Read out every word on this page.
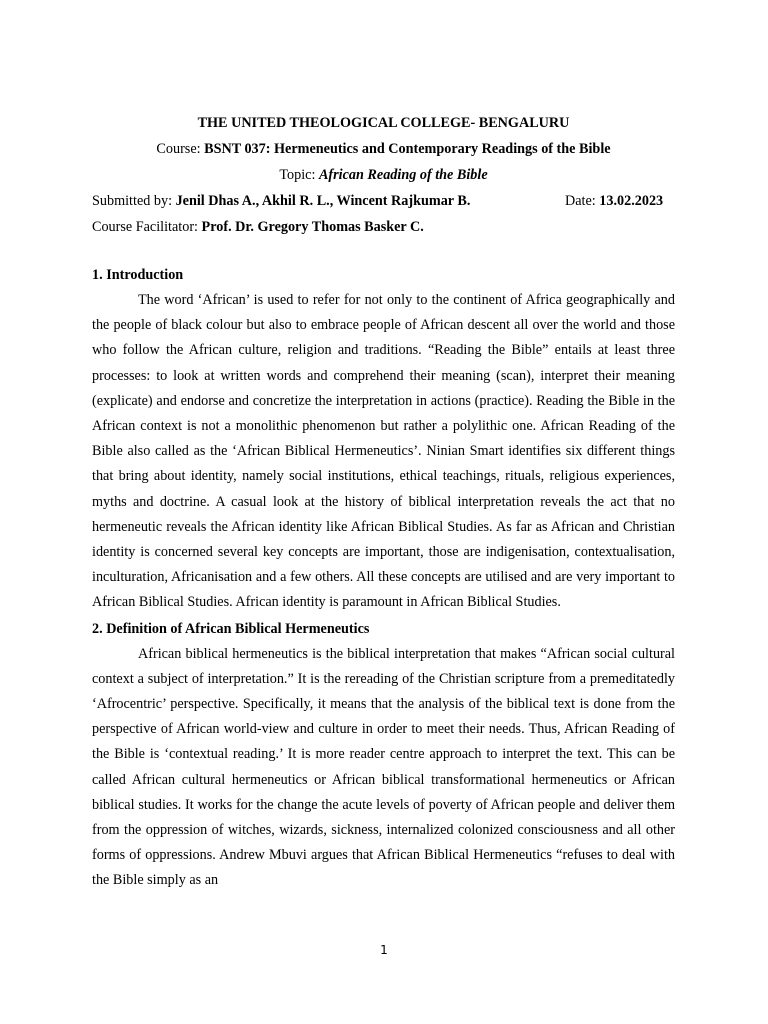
THE UNITED THEOLOGICAL COLLEGE- BENGALURU
Course: BSNT 037: Hermeneutics and Contemporary Readings of the Bible
Topic: African Reading of the Bible
Submitted by: Jenil Dhas A., Akhil R. L., Wincent Rajkumar B.	Date: 13.02.2023
Course Facilitator: Prof. Dr. Gregory Thomas Basker C.
1. Introduction

The word ‘African’ is used to refer for not only to the continent of Africa geographically and the people of black colour but also to embrace people of African descent all over the world and those who follow the African culture, religion and traditions. “Reading the Bible” entails at least three processes: to look at written words and comprehend their meaning (scan), interpret their meaning (explicate) and endorse and concretize the interpretation in actions (practice). Reading the Bible in the African context is not a monolithic phenomenon but rather a polylithic one. African Reading of the Bible also called as the ‘African Biblical Hermeneutics’. Ninian Smart identifies six different things that bring about identity, namely social institutions, ethical teachings, rituals, religious experiences, myths and doctrine. A casual look at the history of biblical interpretation reveals the act that no hermeneutic reveals the African identity like African Biblical Studies. As far as African and Christian identity is concerned several key concepts are important, those are indigenisation, contextualisation, inculturation, Africanisation and a few others. All these concepts are utilised and are very important to African Biblical Studies. African identity is paramount in African Biblical Studies.

2. Definition of African Biblical Hermeneutics

African biblical hermeneutics is the biblical interpretation that makes “African social cultural context a subject of interpretation.” It is the rereading of the Christian scripture from a premeditatedly ‘Afrocentric’ perspective. Specifically, it means that the analysis of the biblical text is done from the perspective of African world-view and culture in order to meet their needs. Thus, African Reading of the Bible is ‘contextual reading.’ It is more reader centre approach to interpret the text. This can be called African cultural hermeneutics or African biblical transformational hermeneutics or African biblical studies. It works for the change the acute levels of poverty of African people and deliver them from the oppression of witches, wizards, sickness, internalized colonized consciousness and all other forms of oppressions. Andrew Mbuvi argues that African Biblical Hermeneutics “refuses to deal with the Bible simply as an

1
